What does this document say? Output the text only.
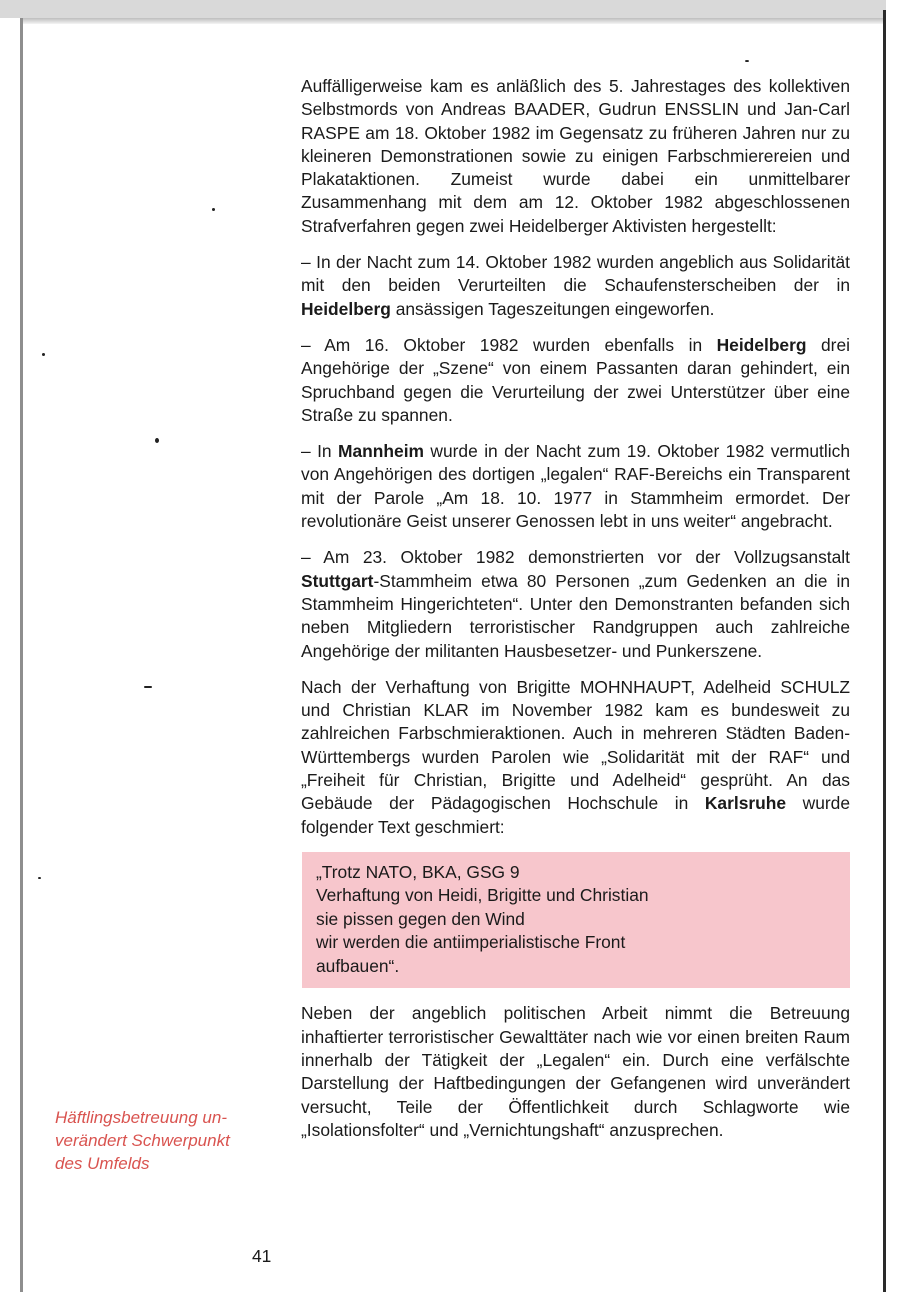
Auffälligerweise kam es anläßlich des 5. Jahrestages des kollektiven Selbstmords von Andreas BAADER, Gudrun ENSSLIN und Jan-Carl RASPE am 18. Oktober 1982 im Gegensatz zu früheren Jahren nur zu kleineren Demonstrationen sowie zu einigen Farbschmierereien und Plakataktionen. Zumeist wurde dabei ein unmittelbarer Zusammenhang mit dem am 12. Oktober 1982 abgeschlossenen Strafverfahren gegen zwei Heidelberger Aktivisten hergestellt:

– In der Nacht zum 14. Oktober 1982 wurden angeblich aus Solidarität mit den beiden Verurteilten die Schaufensterscheiben der in Heidelberg ansässigen Tageszeitungen eingeworfen.

– Am 16. Oktober 1982 wurden ebenfalls in Heidelberg drei Angehörige der „Szene“ von einem Passanten daran gehindert, ein Spruchband gegen die Verurteilung der zwei Unterstützer über eine Straße zu spannen.

– In Mannheim wurde in der Nacht zum 19. Oktober 1982 vermutlich von Angehörigen des dortigen „legalen“ RAF-Bereichs ein Transparent mit der Parole „Am 18. 10. 1977 in Stammheim ermordet. Der revolutionäre Geist unserer Genossen lebt in uns weiter“ angebracht.

– Am 23. Oktober 1982 demonstrierten vor der Vollzugsanstalt Stuttgart-Stammheim etwa 80 Personen „zum Gedenken an die in Stammheim Hingerichteten“. Unter den Demonstranten befanden sich neben Mitgliedern terroristischer Randgruppen auch zahlreiche Angehörige der militanten Hausbesetzer- und Punkerszene.

Nach der Verhaftung von Brigitte MOHNHAUPT, Adelheid SCHULZ und Christian KLAR im November 1982 kam es bundesweit zu zahlreichen Farbschmieraktionen. Auch in mehreren Städten Baden-Württembergs wurden Parolen wie „Solidarität mit der RAF“ und „Freiheit für Christian, Brigitte und Adelheid“ gesprüht. An das Gebäude der Pädagogischen Hochschule in Karlsruhe wurde folgender Text geschmiert:

„Trotz NATO, BKA, GSG 9
Verhaftung von Heidi, Brigitte und Christian
sie pissen gegen den Wind
wir werden die antiimperialistische Front
aufbauen“.

Neben der angeblich politischen Arbeit nimmt die Betreuung inhaftierter terroristischer Gewalttäter nach wie vor einen breiten Raum innerhalb der Tätigkeit der „Legalen“ ein. Durch eine verfälschte Darstellung der Haftbedingungen der Gefangenen wird unverändert versucht, Teile der Öffentlichkeit durch Schlagworte wie „Isolationsfolter“ und „Vernichtungshaft“ anzusprechen.

Häftlingsbetreuung un-
verändert Schwerpunkt
des Umfelds
41
